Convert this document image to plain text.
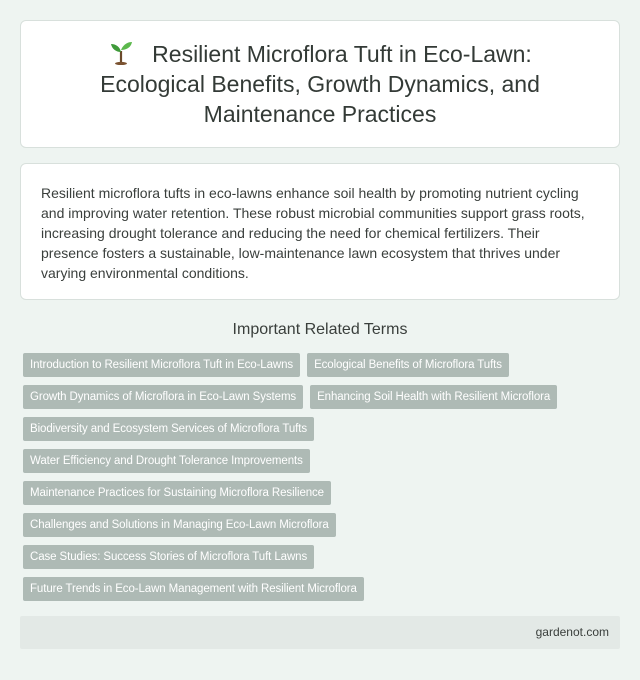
Resilient Microflora Tuft in Eco-Lawn: Ecological Benefits, Growth Dynamics, and Maintenance Practices

Resilient microflora tufts in eco-lawns enhance soil health by promoting nutrient cycling and improving water retention. These robust microbial communities support grass roots, increasing drought tolerance and reducing the need for chemical fertilizers. Their presence fosters a sustainable, low-maintenance lawn ecosystem that thrives under varying environmental conditions.

Important Related Terms
Introduction to Resilient Microflora Tuft in Eco-Lawns	Ecological Benefits of Microflora Tufts
Growth Dynamics of Microflora in Eco-Lawn Systems	Enhancing Soil Health with Resilient Microflora
Biodiversity and Ecosystem Services of Microflora Tufts
Water Efficiency and Drought Tolerance Improvements
Maintenance Practices for Sustaining Microflora Resilience
Challenges and Solutions in Managing Eco-Lawn Microflora
Case Studies: Success Stories of Microflora Tuft Lawns
Future Trends in Eco-Lawn Management with Resilient Microflora
gardenot.com
